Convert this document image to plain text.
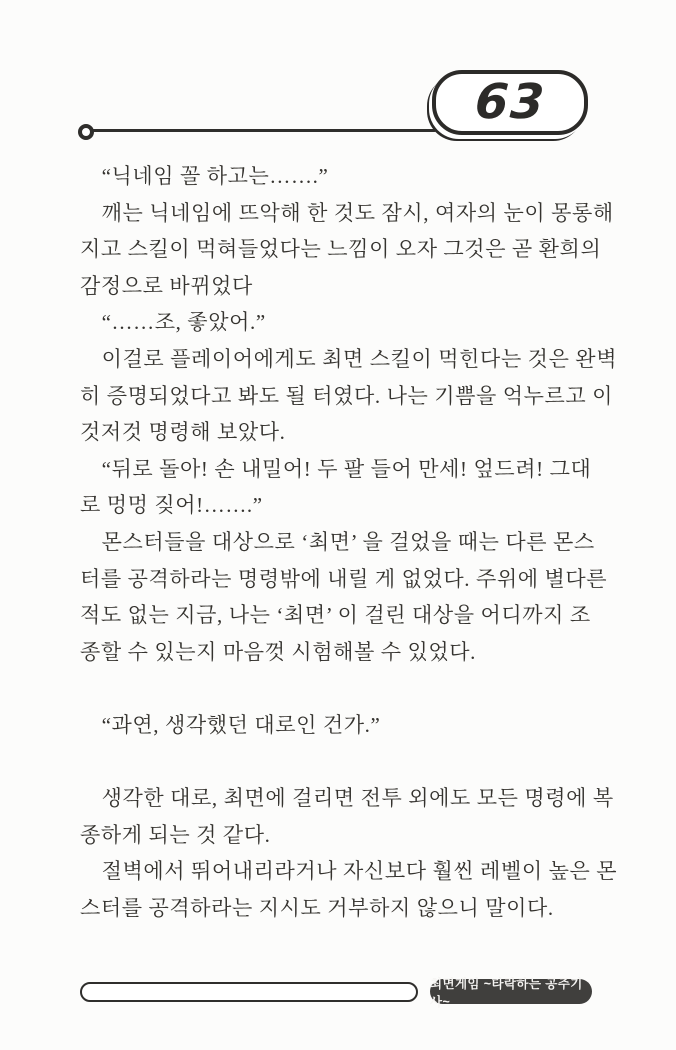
63
　“닉네임 꼴 하고는…….”
　깨는 닉네임에 뜨악해 한 것도 잠시, 여자의 눈이 몽롱해
지고 스킬이 먹혀들었다는 느낌이 오자 그것은 곧 환희의
감정으로 바뀌었다
　“……조, 좋았어.”
　이걸로 플레이어에게도 최면 스킬이 먹힌다는 것은 완벽
히 증명되었다고 봐도 될 터였다. 나는 기쁨을 억누르고 이
것저것 명령해 보았다.
　“뒤로 돌아! 손 내밀어! 두 팔 들어 만세! 엎드려! 그대
로 멍멍 짖어!…….”
　몬스터들을 대상으로 ‘최면’ 을 걸었을 때는 다른 몬스
터를 공격하라는 명령밖에 내릴 게 없었다. 주위에 별다른
적도 없는 지금, 나는 ‘최면’ 이 걸린 대상을 어디까지 조
종할 수 있는지 마음껏 시험해볼 수 있었다.
　“과연, 생각했던 대로인 건가.”
　생각한 대로, 최면에 걸리면 전투 외에도 모든 명령에 복
종하게 되는 것 같다.
　절벽에서 뛰어내리라거나 자신보다 훨씬 레벨이 높은 몬
스터를 공격하라는 지시도 거부하지 않으니 말이다.
최면게임 ~타락하는 공주기사~
